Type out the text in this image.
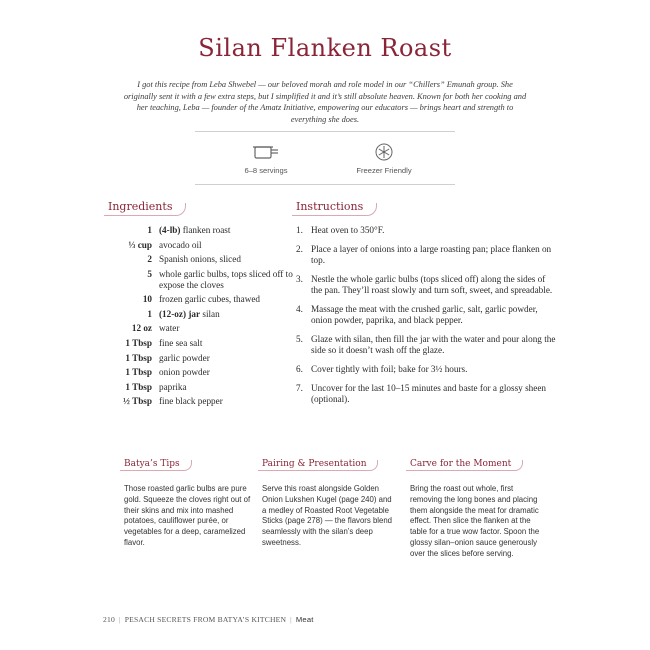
Silan Flanken Roast
I got this recipe from Leba Shwebel — our beloved morah and role model in our “Chillers” Emunah group. She originally sent it with a few extra steps, but I simplified it and it’s still absolute heaven. Known for both her cooking and her teaching, Leba — founder of the Amatz Initiative, empowering our educators — brings heart and strength to everything she does.
6–8 servings	Freezer Friendly
Ingredients	Instructions
1 (4-lb) flanken roast
⅓ cup avocado oil
2 Spanish onions, sliced
5 whole garlic bulbs, tops sliced off to expose the cloves
10 frozen garlic cubes, thawed
1 (12-oz) jar silan
12 oz water
1 Tbsp fine sea salt
1 Tbsp garlic powder
1 Tbsp onion powder
1 Tbsp paprika
½ Tbsp fine black pepper
1. Heat oven to 350°F.
2. Place a layer of onions into a large roasting pan; place flanken on top.
3. Nestle the whole garlic bulbs (tops sliced off) along the sides of the pan. They’ll roast slowly and turn soft, sweet, and spreadable.
4. Massage the meat with the crushed garlic, salt, garlic powder, onion powder, paprika, and black pepper.
5. Glaze with silan, then fill the jar with the water and pour along the side so it doesn’t wash off the glaze.
6. Cover tightly with foil; bake for 3½ hours.
7. Uncover for the last 10–15 minutes and baste for a glossy sheen (optional).
Batya’s Tips
Those roasted garlic bulbs are pure gold. Squeeze the cloves right out of their skins and mix into mashed potatoes, cauliflower purée, or vegetables for a deep, caramelized flavor.
Pairing & Presentation
Serve this roast alongside Golden Onion Lukshen Kugel (page 240) and a medley of Roasted Root Vegetable Sticks (page 278) — the flavors blend seamlessly with the silan’s deep sweetness.
Carve for the Moment
Bring the roast out whole, first removing the long bones and placing them alongside the meat for dramatic effect. Then slice the flanken at the table for a true wow factor. Spoon the glossy silan–onion sauce generously over the slices before serving.
210 | PESACH SECRETS FROM BATYA’S KITCHEN | Meat
